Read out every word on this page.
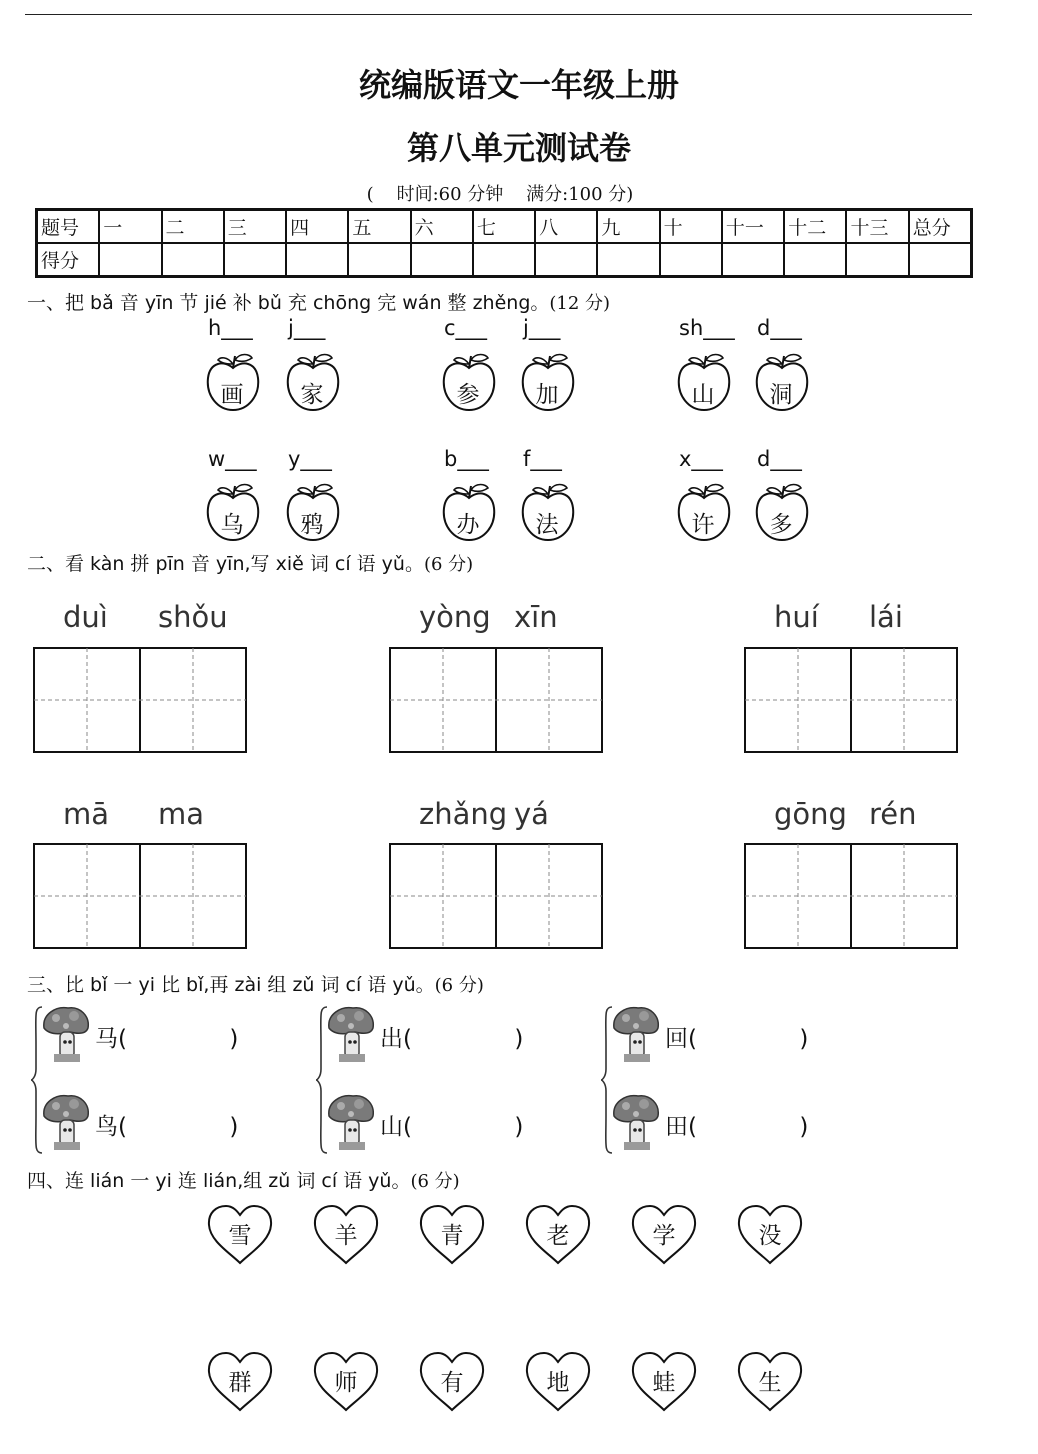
统编版语文一年级上册
第八单元测试卷
(    时间:60 分钟    满分:100 分)
题号	一	二	三	四	五	六	七	八	九	十	十一	十二	十三	总分
得分														
一、把 bǎ 音 yīn 节 jié 补 bǔ 充 chōng 完 wán 整 zhěng。(12 分)
h___
画
j___
家
c___
参
j___
加
sh___
山
d___
洞
w___
乌
y___
鸦
b___
办
f___
法
x___
许
d___
多
二、看 kàn 拼 pīn 音 yīn,写 xiě 词 cí 语 yǔ。(6 分)
duì shǒu	yòng xīn	huí lái
mā ma	zhǎng yá	gōng rén
三、比 bǐ 一 yi 比 bǐ,再 zài 组 zǔ 词 cí 语 yǔ。(6 分)
马(              )
鸟(              )
出(              )
山(              )
回(              )
田(              )
四、连 lián 一 yi 连 lián,组 zǔ 词 cí 语 yǔ。(6 分)
雪	羊	青	老	学	没
群	师	有	地	蛙	生
